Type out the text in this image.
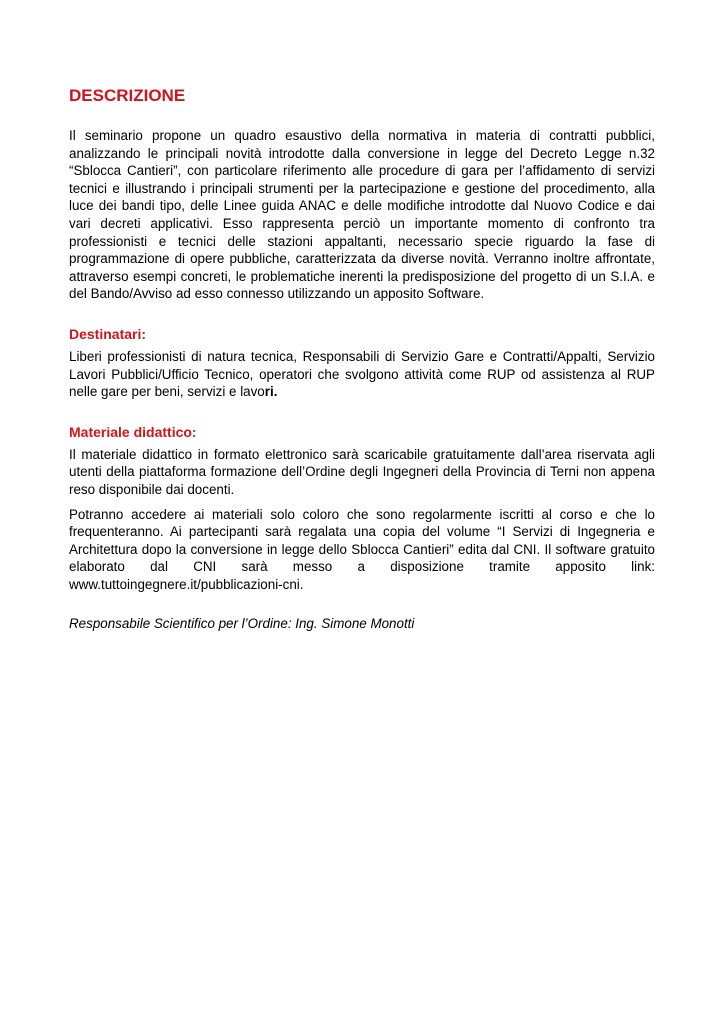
DESCRIZIONE

Il seminario propone un quadro esaustivo della normativa in materia di contratti pubblici, analizzando le principali novità introdotte dalla conversione in legge del Decreto Legge n.32 “Sblocca Cantieri”, con particolare riferimento alle procedure di gara per l’affidamento di servizi tecnici e illustrando i principali strumenti per la partecipazione e gestione del procedimento, alla luce dei bandi tipo, delle Linee guida ANAC e delle modifiche introdotte dal Nuovo Codice e dai vari decreti applicativi. Esso rappresenta perciò un importante momento di confronto tra professionisti e tecnici delle stazioni appaltanti, necessario specie riguardo la fase di programmazione di opere pubbliche, caratterizzata da diverse novità. Verranno inoltre affrontate, attraverso esempi concreti, le problematiche inerenti la predisposizione del progetto di un S.I.A. e del Bando/Avviso ad esso connesso utilizzando un apposito Software.

Destinatari:

Liberi professionisti di natura tecnica, Responsabili di Servizio Gare e Contratti/Appalti, Servizio Lavori Pubblici/Ufficio Tecnico, operatori che svolgono attività come RUP od assistenza al RUP nelle gare per beni, servizi e lavori.

Materiale didattico:

Il materiale didattico in formato elettronico sarà scaricabile gratuitamente dall’area riservata agli utenti della piattaforma formazione dell’Ordine degli Ingegneri della Provincia di Terni non appena reso disponibile dai docenti.

Potranno accedere ai materiali solo coloro che sono regolarmente iscritti al corso e che lo frequenteranno. Ai partecipanti sarà regalata una copia del volume “I Servizi di Ingegneria e Architettura dopo la conversione in legge dello Sblocca Cantieri” edita dal CNI. Il software gratuito elaborato dal CNI sarà messo a disposizione tramite apposito link: www.tuttoingegnere.it/pubblicazioni-cni.

Responsabile Scientifico per l’Ordine: Ing. Simone Monotti
